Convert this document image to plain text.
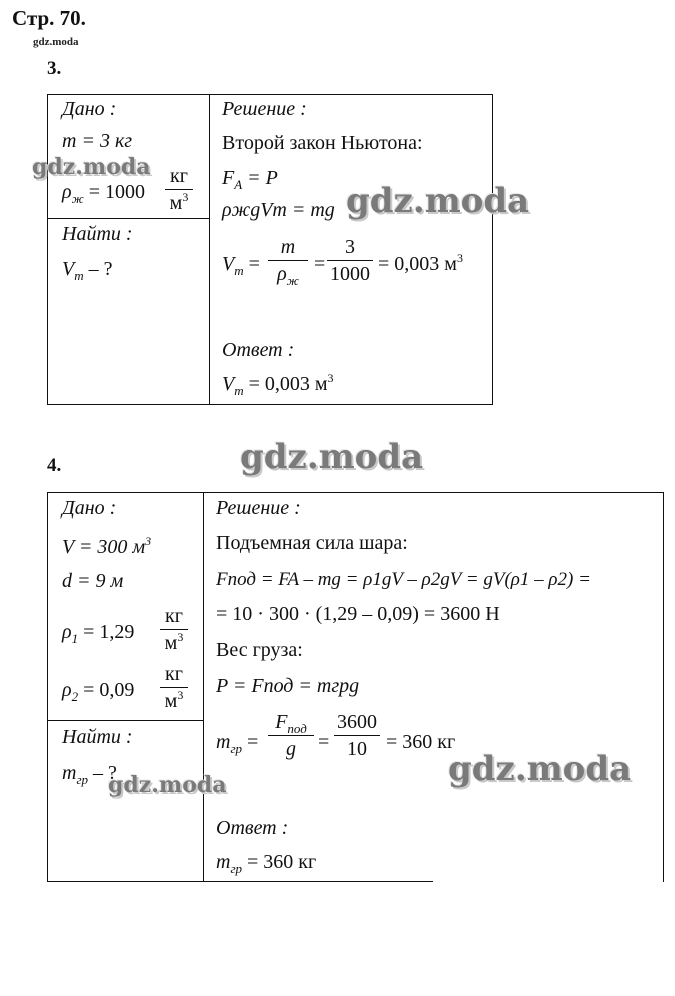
Стр. 70.
gdz.moda
3.
Дано :
m = 3 кг
$\rho_ж = 1000$
кг
$м^3$
Найти :
$V_т$ – ?
Решение :
Второй закон Ньютона:
$F_A = P$
ρжgVт = mg
$V_т$ =
m
$\rho_ж$
=
3
1000 = 0,003 $м^3$
Ответ :
$V_т = 0,003$ $м^3$
gdz.moda
gdz.moda
gdz.moda
4.
Дано :
V = 300 $м^3$
d = 9 м
$\rho_1 = 1,29$
кг
$м^3$
$\rho_2 = 0,09$
кг
$м^3$
Найти :
$m_{гр}$ – ?
Решение :
Подъемная сила шара:
Fпод = FA – mg = ρ1gV – ρ2gV = gV(ρ1 – ρ2) =
= 10 · 300 · (1,29 – 0,09) = 3600 Н
Вес груза:
P = Fпод = mгрg
$m_{гр}$ =
$F_{под}$
g	=
3600
10 = 360 кг
Ответ :
$m_{гр} = 360$ кг
gdz.moda
gdz.moda
